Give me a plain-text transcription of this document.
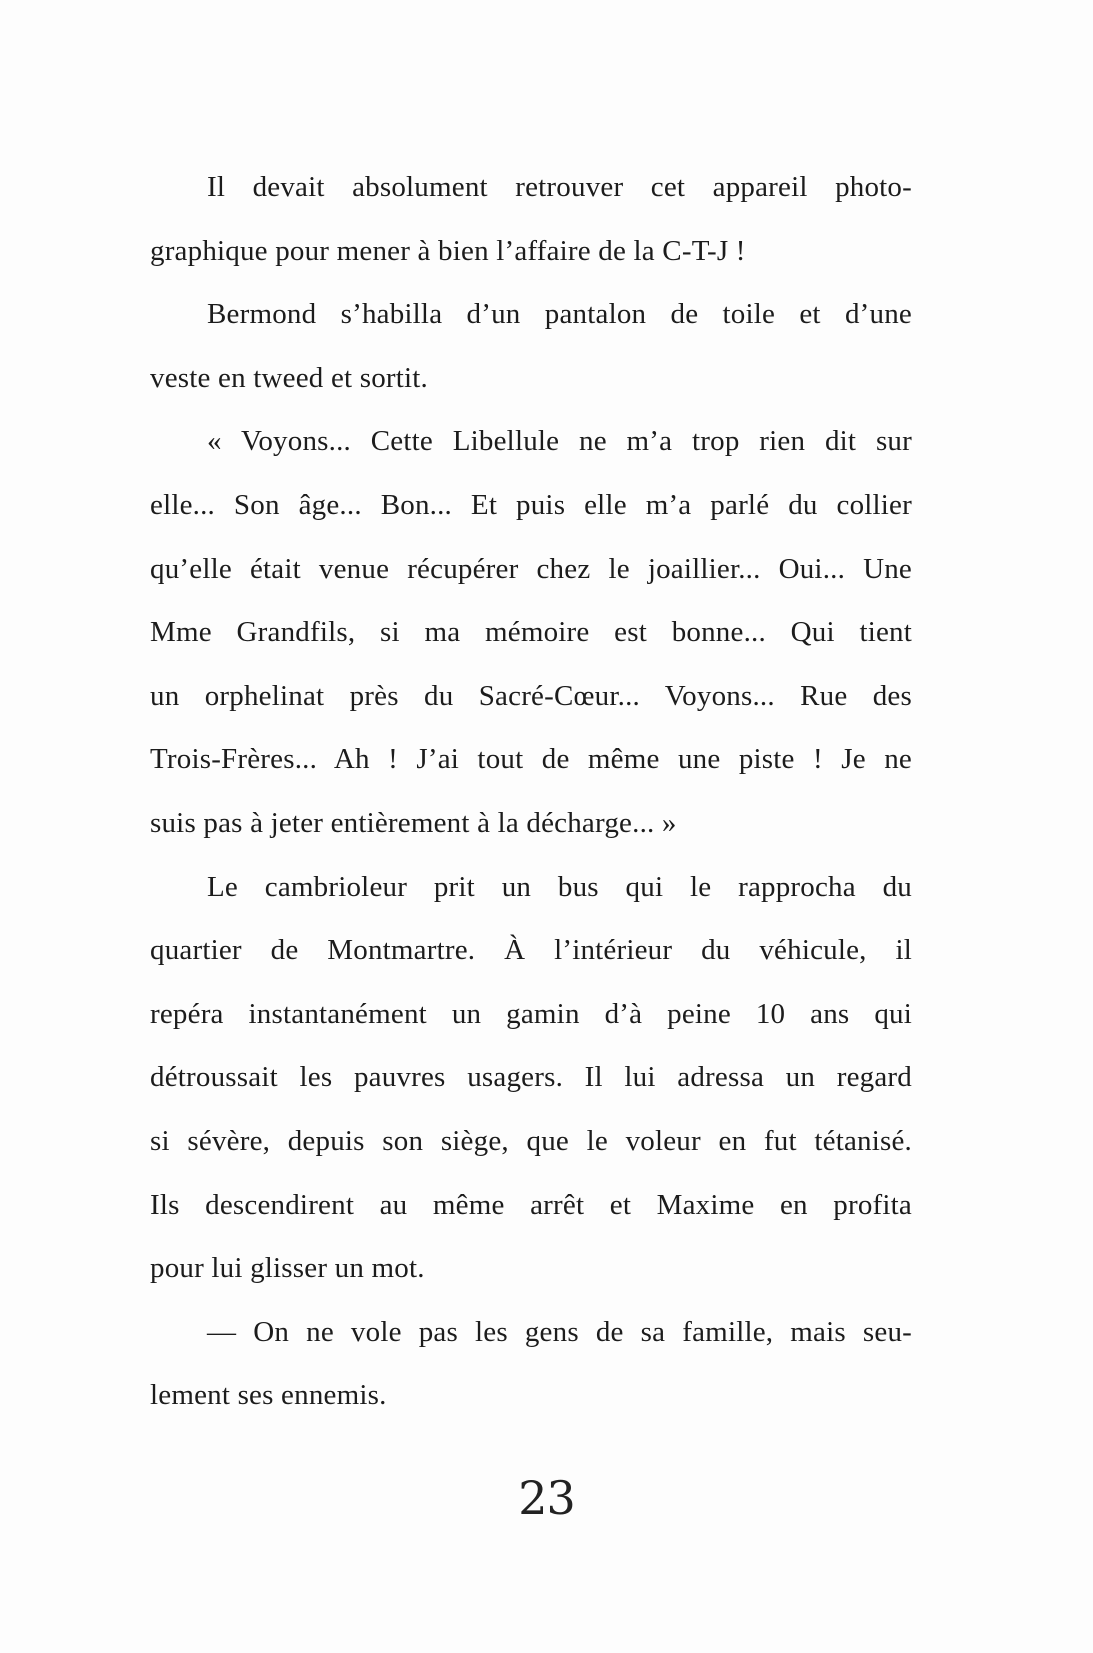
Il devait absolument retrouver cet appareil photo-
graphique pour mener à bien l’affaire de la C-T-J !
Bermond s’habilla d’un pantalon de toile et d’une
veste en tweed et sortit.
« Voyons... Cette Libellule ne m’a trop rien dit sur
elle... Son âge... Bon... Et puis elle m’a parlé du collier
qu’elle était venue récupérer chez le joaillier... Oui... Une
Mme Grandfils, si ma mémoire est bonne... Qui tient
un orphelinat près du Sacré-Cœur... Voyons... Rue des
Trois-Frères... Ah ! J’ai tout de même une piste ! Je ne
suis pas à jeter entièrement à la décharge... »
Le cambrioleur prit un bus qui le rapprocha du
quartier de Montmartre. À l’intérieur du véhicule, il
repéra instantanément un gamin d’à peine 10 ans qui
détroussait les pauvres usagers. Il lui adressa un regard
si sévère, depuis son siège, que le voleur en fut tétanisé.
Ils descendirent au même arrêt et Maxime en profita
pour lui glisser un mot.
— On ne vole pas les gens de sa famille, mais seu-
lement ses ennemis.
23
